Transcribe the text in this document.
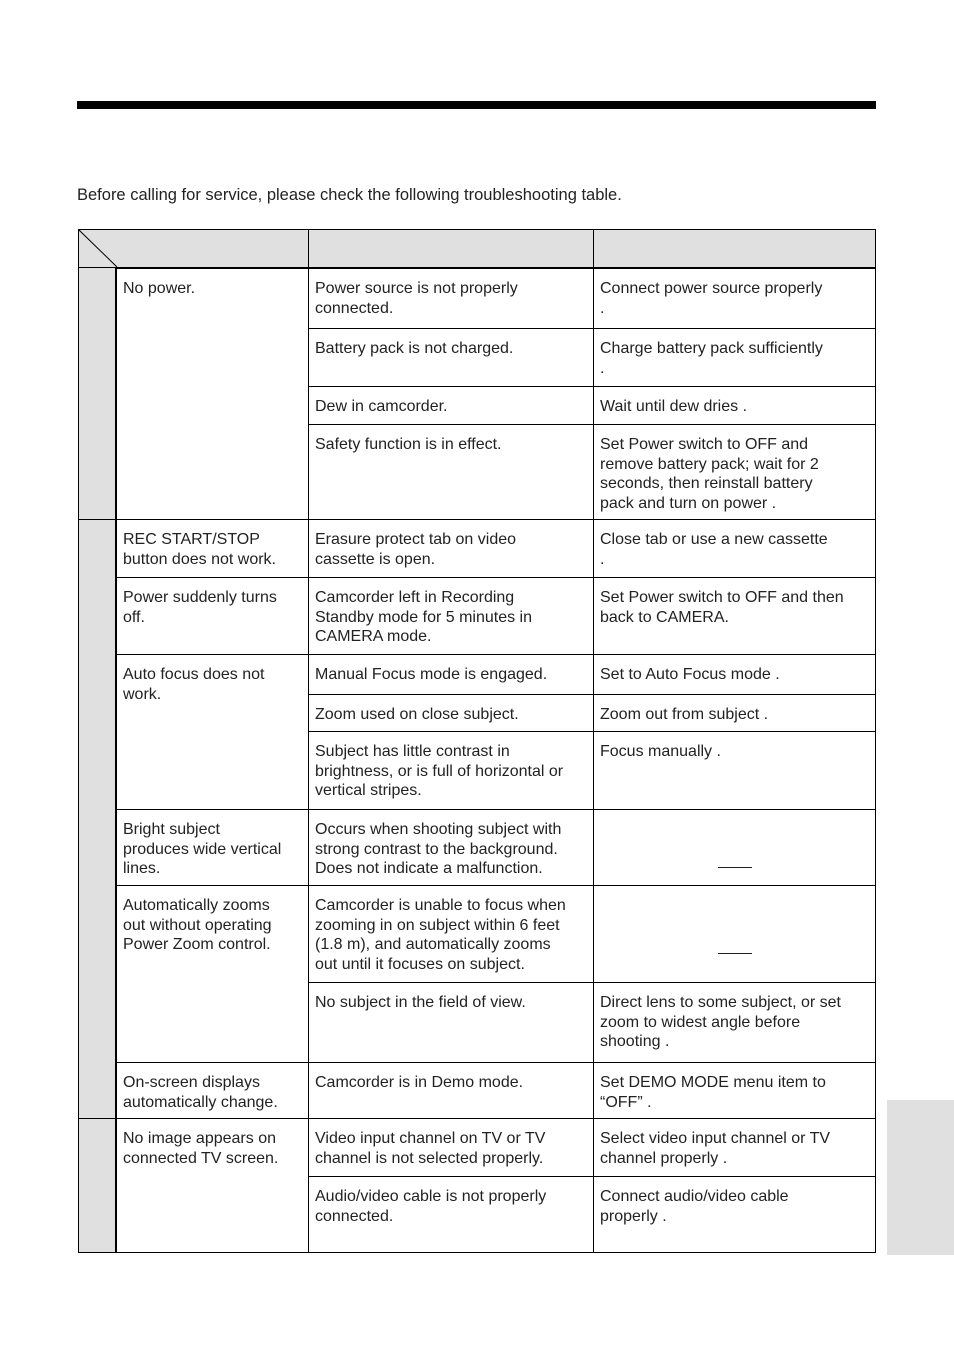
Before calling for service, please check the following troubleshooting table.
No power.
REC START/STOP
button does not work.
Power suddenly turns
off.
Auto focus does not
work.
Bright subject
produces wide vertical
lines.
Automatically zooms
out without operating
Power Zoom control.
On-screen displays
automatically change.
No image appears on
connected TV screen.
Power source is not properly
connected.
Battery pack is not charged.
Dew in camcorder.
Safety function is in effect.
Erasure protect tab on video
cassette is open.
Camcorder left in Recording
Standby mode for 5 minutes in
CAMERA mode.
Manual Focus mode is engaged.
Zoom used on close subject.
Subject has little contrast in
brightness, or is full of horizontal or
vertical stripes.
Occurs when shooting subject with
strong contrast to the background.
Does not indicate a malfunction.
Camcorder is unable to focus when
zooming in on subject within 6 feet
(1.8 m), and automatically zooms
out until it focuses on subject.
No subject in the field of view.
Camcorder is in Demo mode.
Video input channel on TV or TV
channel is not selected properly.
Audio/video cable is not properly
connected.
Connect power source properly
.
Charge battery pack sufficiently
.
Wait until dew dries .
Set Power switch to OFF and
remove battery pack; wait for 2
seconds, then reinstall battery
pack and turn on power .
Close tab or use a new cassette
.
Set Power switch to OFF and then
back to CAMERA.
Set to Auto Focus mode .
Zoom out from subject .
Focus manually .

Direct lens to some subject, or set
zoom to widest angle before
shooting .
Set DEMO MODE menu item to
“OFF” .
Select video input channel or TV
channel properly .
Connect audio/video cable
properly .
